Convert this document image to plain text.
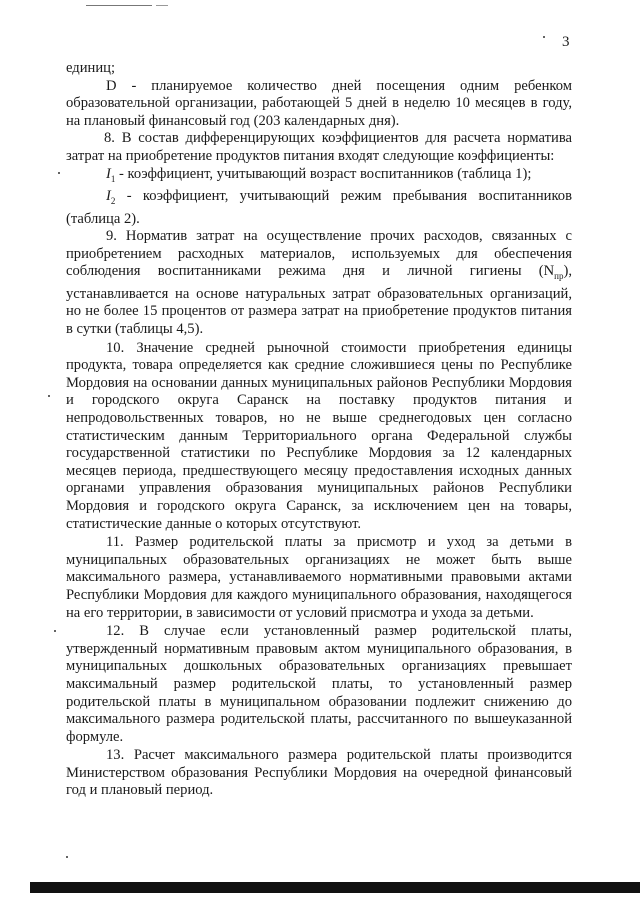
3

единиц;

D - планируемое количество дней посещения одним ребенком образовательной организации, работающей 5 дней в неделю 10 месяцев в году, на плановый финансовый год (203 календарных дня).

8. В состав дифференцирующих коэффициентов для расчета норматива затрат на приобретение продуктов питания входят следующие коэффициенты:

$I_1$ - коэффициент, учитывающий возраст воспитанников (таблица 1);

$I_2$ - коэффициент, учитывающий режим пребывания воспитанников (таблица 2).

9. Норматив затрат на осуществление прочих расходов, связанных с приобретением расходных материалов, используемых для обеспечения соблюдения воспитанниками режима дня и личной гигиены $(N_{пр})$, устанавливается на основе натуральных затрат образовательных организаций, но не более 15 процентов от размера затрат на приобретение продуктов питания в сутки (таблицы 4,5).

10. Значение средней рыночной стоимости приобретения единицы продукта, товара определяется как средние сложившиеся цены по Республике Мордовия на основании данных муниципальных районов Республики Мордовия и городского округа Саранск на поставку продуктов питания и непродовольственных товаров, но не выше среднегодовых цен согласно статистическим данным Территориального органа Федеральной службы государственной статистики по Республике Мордовия за 12 календарных месяцев периода, предшествующего месяцу предоставления исходных данных органами управления образования муниципальных районов Республики Мордовия и городского округа Саранск, за исключением цен на товары, статистические данные о которых отсутствуют.

11. Размер родительской платы за присмотр и уход за детьми в муниципальных образовательных организациях не может быть выше максимального размера, устанавливаемого нормативными правовыми актами Республики Мордовия для каждого муниципального образования, находящегося на его территории, в зависимости от условий присмотра и ухода за детьми.

12. В случае если установленный размер родительской платы, утвержденный нормативным правовым актом муниципального образования, в муниципальных дошкольных образовательных организациях превышает максимальный размер родительской платы, то установленный размер родительской платы в муниципальном образовании подлежит снижению до максимального размера родительской платы, рассчитанного по вышеуказанной формуле.

13. Расчет максимального размера родительской платы производится Министерством образования Республики Мордовия на очередной финансовый год и плановый период.
